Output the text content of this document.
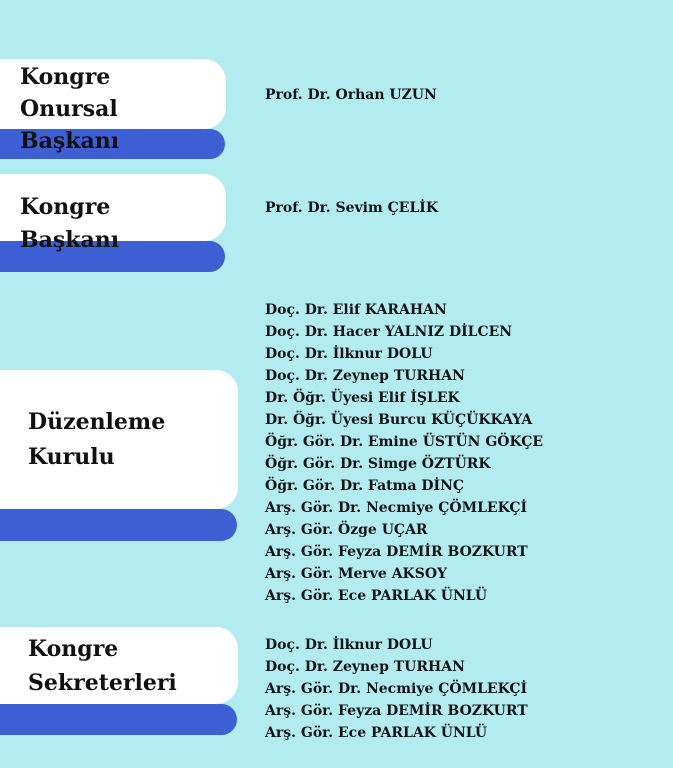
Kongre Onursal
Başkanı
Prof. Dr. Orhan UZUN
Kongre Başkanı
Prof. Dr. Sevim ÇELİK
Düzenleme
Kurulu
Doç. Dr. Elif KARAHAN
Doç. Dr. Hacer YALNIZ DİLCEN
Doç. Dr. İlknur DOLU
Doç. Dr. Zeynep TURHAN
Dr. Öğr. Üyesi Elif İŞLEK
Dr. Öğr. Üyesi Burcu KÜÇÜKKAYA
Öğr. Gör. Dr. Emine ÜSTÜN GÖKÇE
Öğr. Gör. Dr. Simge ÖZTÜRK
Öğr. Gör. Dr. Fatma DİNÇ
Arş. Gör. Dr. Necmiye ÇÖMLEKÇİ
Arş. Gör. Özge UÇAR
Arş. Gör. Feyza DEMİR BOZKURT
Arş. Gör. Merve AKSOY
Arş. Gör. Ece PARLAK ÜNLÜ
Kongre
Sekreterleri
Doç. Dr. İlknur DOLU
Doç. Dr. Zeynep TURHAN
Arş. Gör. Dr. Necmiye ÇÖMLEKÇİ
Arş. Gör. Feyza DEMİR BOZKURT
Arş. Gör. Ece PARLAK ÜNLÜ
